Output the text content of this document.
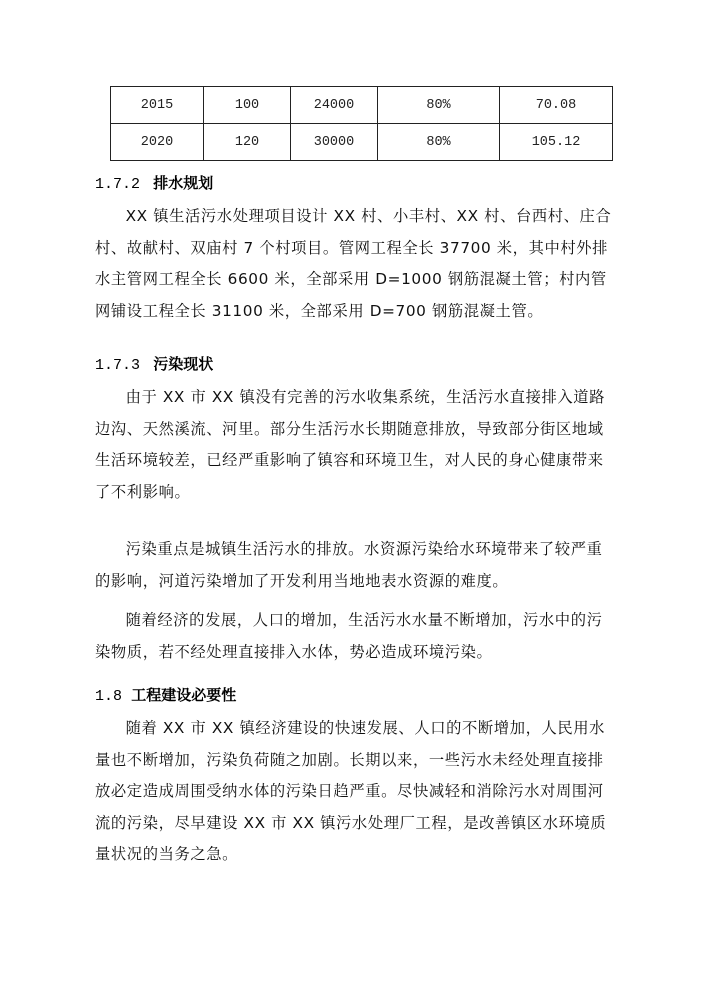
2015	100	24000	80%	70.08
2020	120	30000	80%	105.12
1.7.2 排水规划

XX 镇生活污水处理项目设计 XX 村、小丰村、XX 村、台西村、庄合村、故献村、双庙村 7 个村项目。管网工程全长 37700 米，其中村外排水主管网工程全长 6600 米，全部采用 D=1000 钢筋混凝土管；村内管网铺设工程全长 31100 米，全部采用 D=700 钢筋混凝土管。

1.7.3 污染现状

由于 XX 市 XX 镇没有完善的污水收集系统，生活污水直接排入道路边沟、天然溪流、河里。部分生活污水长期随意排放，导致部分街区地域生活环境较差，已经严重影响了镇容和环境卫生，对人民的身心健康带来了不利影响。

污染重点是城镇生活污水的排放。水资源污染给水环境带来了较严重的影响，河道污染增加了开发利用当地地表水资源的难度。

随着经济的发展，人口的增加，生活污水水量不断增加，污水中的污染物质，若不经处理直接排入水体，势必造成环境污染。

1.8 工程建设必要性

随着 XX 市 XX 镇经济建设的快速发展、人口的不断增加，人民用水量也不断增加，污染负荷随之加剧。长期以来，一些污水未经处理直接排放必定造成周围受纳水体的污染日趋严重。尽快减轻和消除污水对周围河流的污染，尽早建设 XX 市 XX 镇污水处理厂工程，是改善镇区水环境质量状况的当务之急。
